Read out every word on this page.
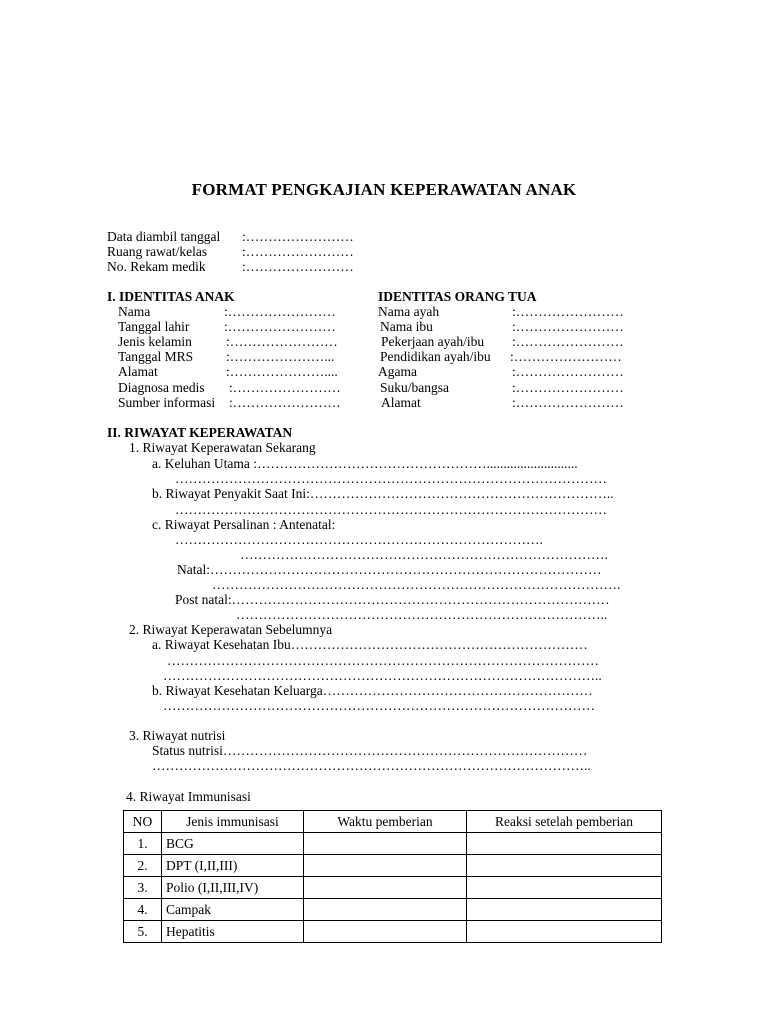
FORMAT PENGKAJIAN KEPERAWATAN ANAK
Data diambil tanggal :……………………
Ruang rawat/kelas	:……………………
No. Rekam medik	:……………………
I. IDENTITAS ANAK
Nama	:……………………
Tanggal lahir	:……………………
Jenis kelamin	:……………………
Tanggal MRS :…………………...
Alamat	:…………………....
Diagnosa medis :……………………
Sumber informasi :……………………
IDENTITAS ORANG TUA
Nama ayah	:……………………
Nama ibu	:……………………
Pekerjaan ayah/ibu :……………………
Pendidikan ayah/ibu :……………………
Agama	:……………………
Suku/bangsa	:……………………
Alamat	:……………………
II. RIWAYAT KEPERAWATAN
1. Riwayat Keperawatan Sekarang
a. Keluhan Utama :……………………………………………...........................
……………………………………………………………………………………
b. Riwayat Penyakit Saat Ini:…………………………………………………………..
……………………………………………………………………………………
c. Riwayat Persalinan : Antenatal:
……………………………………………………………………….
……………………………………………………………………….
Natal:……………………………………………………………………………
……………………………………………………………………………….
Post natal:…………………………………………………………………………
………………………………………………………………………..
2. Riwayat Keperawatan Sebelumnya
a. Riwayat Kesehatan Ibu…………………………………………………………
……………………………………………………………………………………
……………………………………………………………………………………..
b. Riwayat Kesehatan Keluarga……………………………………………………
……………………………………………………………………………………
3. Riwayat nutrisi
Status nutrisi………………………………………………………………………
……………………………………………………………………………………..
4. Riwayat Immunisasi
NO	Jenis immunisasi	Waktu pemberian	Reaksi setelah pemberian
1.	BCG		
2.	DPT (I,II,III)		
3.	Polio (I,II,III,IV)		
4.	Campak		
5.	Hepatitis		
